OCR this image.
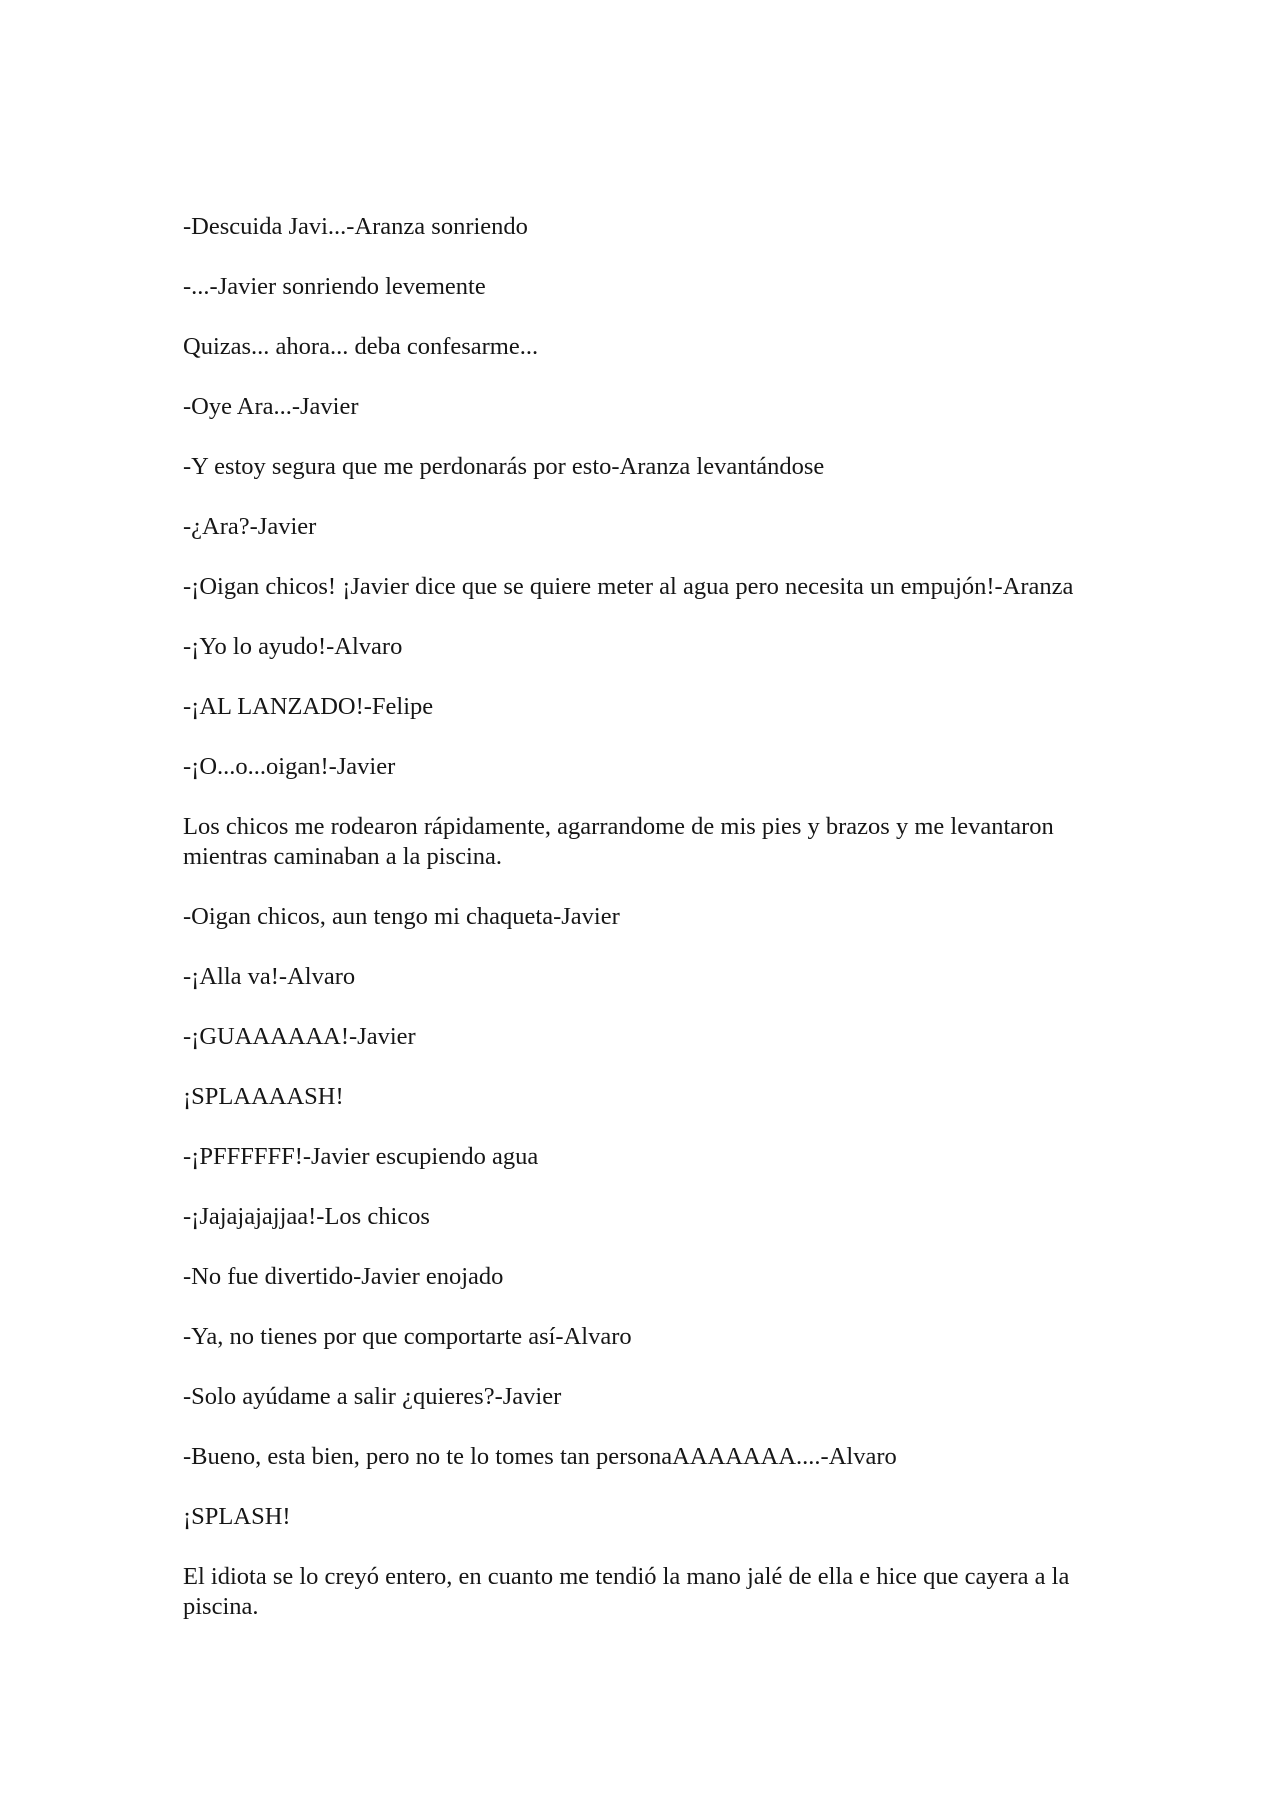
-Descuida Javi...-Aranza sonriendo

-...-Javier sonriendo levemente

Quizas... ahora... deba confesarme...

-Oye Ara...-Javier

-Y estoy segura que me perdonarás por esto-Aranza levantándose

-¿Ara?-Javier

-¡Oigan chicos! ¡Javier dice que se quiere meter al agua pero necesita un empujón!-Aranza

-¡Yo lo ayudo!-Alvaro

-¡AL LANZADO!-Felipe

-¡O...o...oigan!-Javier

Los chicos me rodearon rápidamente, agarrandome de mis pies y brazos y me levantaron mientras caminaban a la piscina.

-Oigan chicos, aun tengo mi chaqueta-Javier

-¡Alla va!-Alvaro

-¡GUAAAAAA!-Javier

¡SPLAAAASH!

-¡PFFFFFF!-Javier escupiendo agua

-¡Jajajajajjaa!-Los chicos

-No fue divertido-Javier enojado

-Ya, no tienes por que comportarte así-Alvaro

-Solo ayúdame a salir ¿quieres?-Javier

-Bueno, esta bien, pero no te lo tomes tan personaAAAAAAA....-Alvaro

¡SPLASH!

El idiota se lo creyó entero, en cuanto me tendió la mano jalé de ella e hice que cayera a la piscina.
